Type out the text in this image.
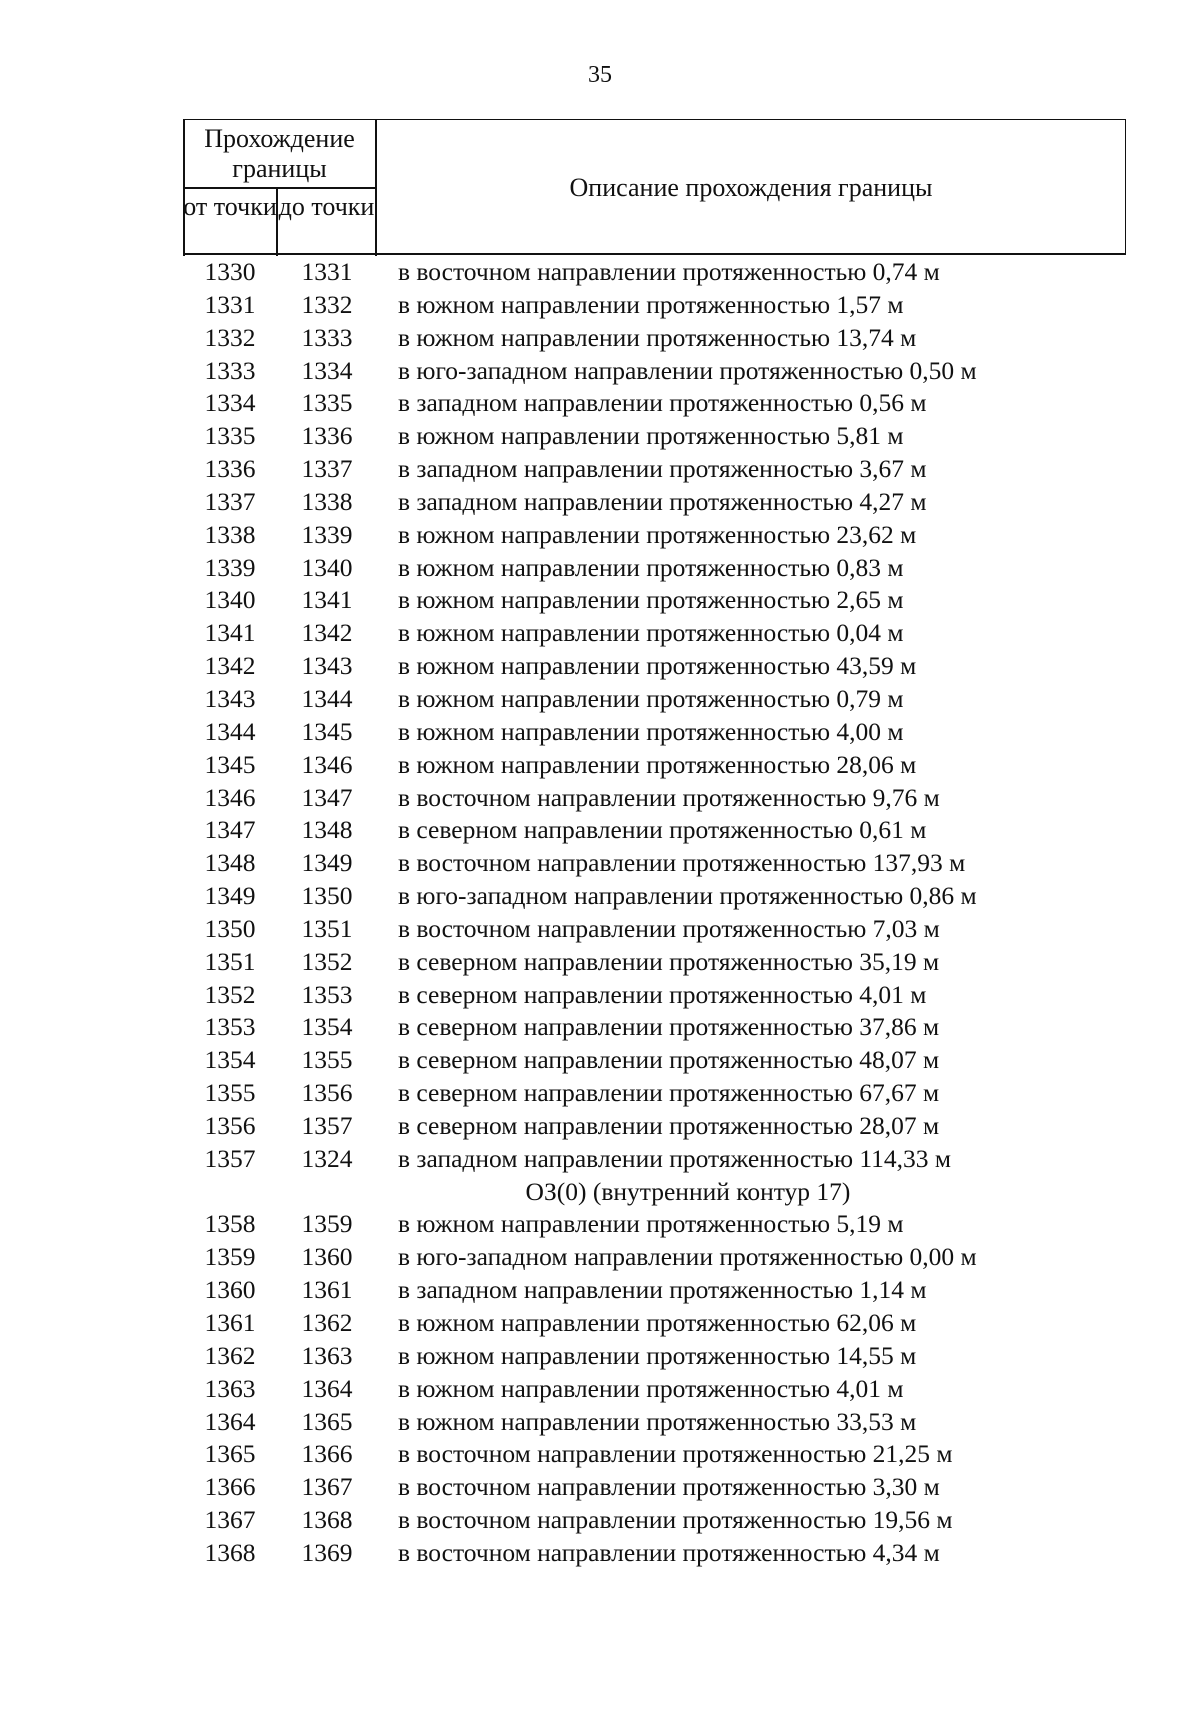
35
Прохождение границы
от точки до точки
Описание прохождения границы
1330	1331	в восточном направлении протяженностью 0,74 м
1331	1332	в южном направлении протяженностью 1,57 м
1332	1333	в южном направлении протяженностью 13,74 м
1333	1334	в юго-западном направлении протяженностью 0,50 м
1334	1335	в западном направлении протяженностью 0,56 м
1335	1336	в южном направлении протяженностью 5,81 м
1336	1337	в западном направлении протяженностью 3,67 м
1337	1338	в западном направлении протяженностью 4,27 м
1338	1339	в южном направлении протяженностью 23,62 м
1339	1340	в южном направлении протяженностью 0,83 м
1340	1341	в южном направлении протяженностью 2,65 м
1341	1342	в южном направлении протяженностью 0,04 м
1342	1343	в южном направлении протяженностью 43,59 м
1343	1344	в южном направлении протяженностью 0,79 м
1344	1345	в южном направлении протяженностью 4,00 м
1345	1346	в южном направлении протяженностью 28,06 м
1346	1347	в восточном направлении протяженностью 9,76 м
1347	1348	в северном направлении протяженностью 0,61 м
1348	1349	в восточном направлении протяженностью 137,93 м
1349	1350	в юго-западном направлении протяженностью 0,86 м
1350	1351	в восточном направлении протяженностью 7,03 м
1351	1352	в северном направлении протяженностью 35,19 м
1352	1353	в северном направлении протяженностью 4,01 м
1353	1354	в северном направлении протяженностью 37,86 м
1354	1355	в северном направлении протяженностью 48,07 м
1355	1356	в северном направлении протяженностью 67,67 м
1356	1357	в северном направлении протяженностью 28,07 м
1357	1324	в западном направлении протяженностью 114,33 м
ОЗ(0) (внутренний контур 17)
1358	1359	в южном направлении протяженностью 5,19 м
1359	1360	в юго-западном направлении протяженностью 0,00 м
1360	1361	в западном направлении протяженностью 1,14 м
1361	1362	в южном направлении протяженностью 62,06 м
1362	1363	в южном направлении протяженностью 14,55 м
1363	1364	в южном направлении протяженностью 4,01 м
1364	1365	в южном направлении протяженностью 33,53 м
1365	1366	в восточном направлении протяженностью 21,25 м
1366	1367	в восточном направлении протяженностью 3,30 м
1367	1368	в восточном направлении протяженностью 19,56 м
1368	1369	в восточном направлении протяженностью 4,34 м
